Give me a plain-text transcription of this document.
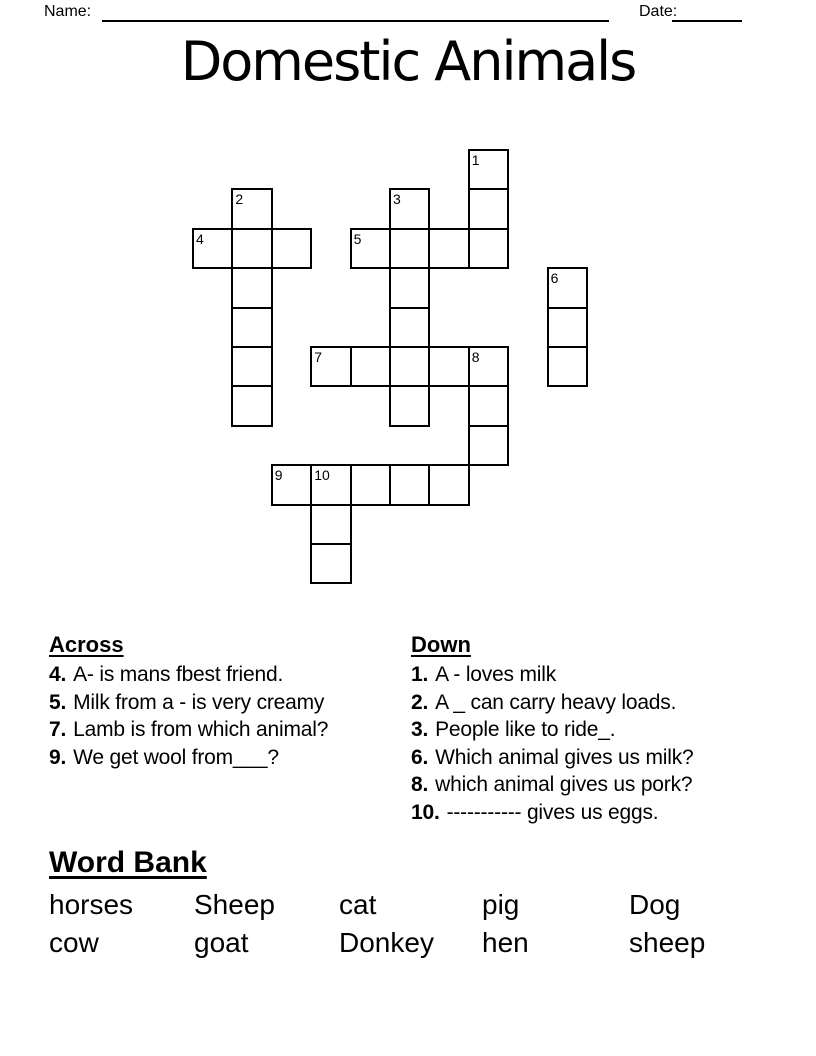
Name:	Date:
Domestic Animals
1
2	3
4	5
6
7	8
9	10
Across
4. A- is mans fbest friend.
5. Milk from a - is very creamy
7. Lamb is from which animal?
9. We get wool from___?
Down
1. A - loves milk
2. A _ can carry heavy loads.
3. People like to ride_.
6. Which animal gives us milk?
8. which animal gives us pork?
10. ----------- gives us eggs.
Word Bank
horses	Sheep	cat	pig	Dog
cow	goat	Donkey	hen	sheep
